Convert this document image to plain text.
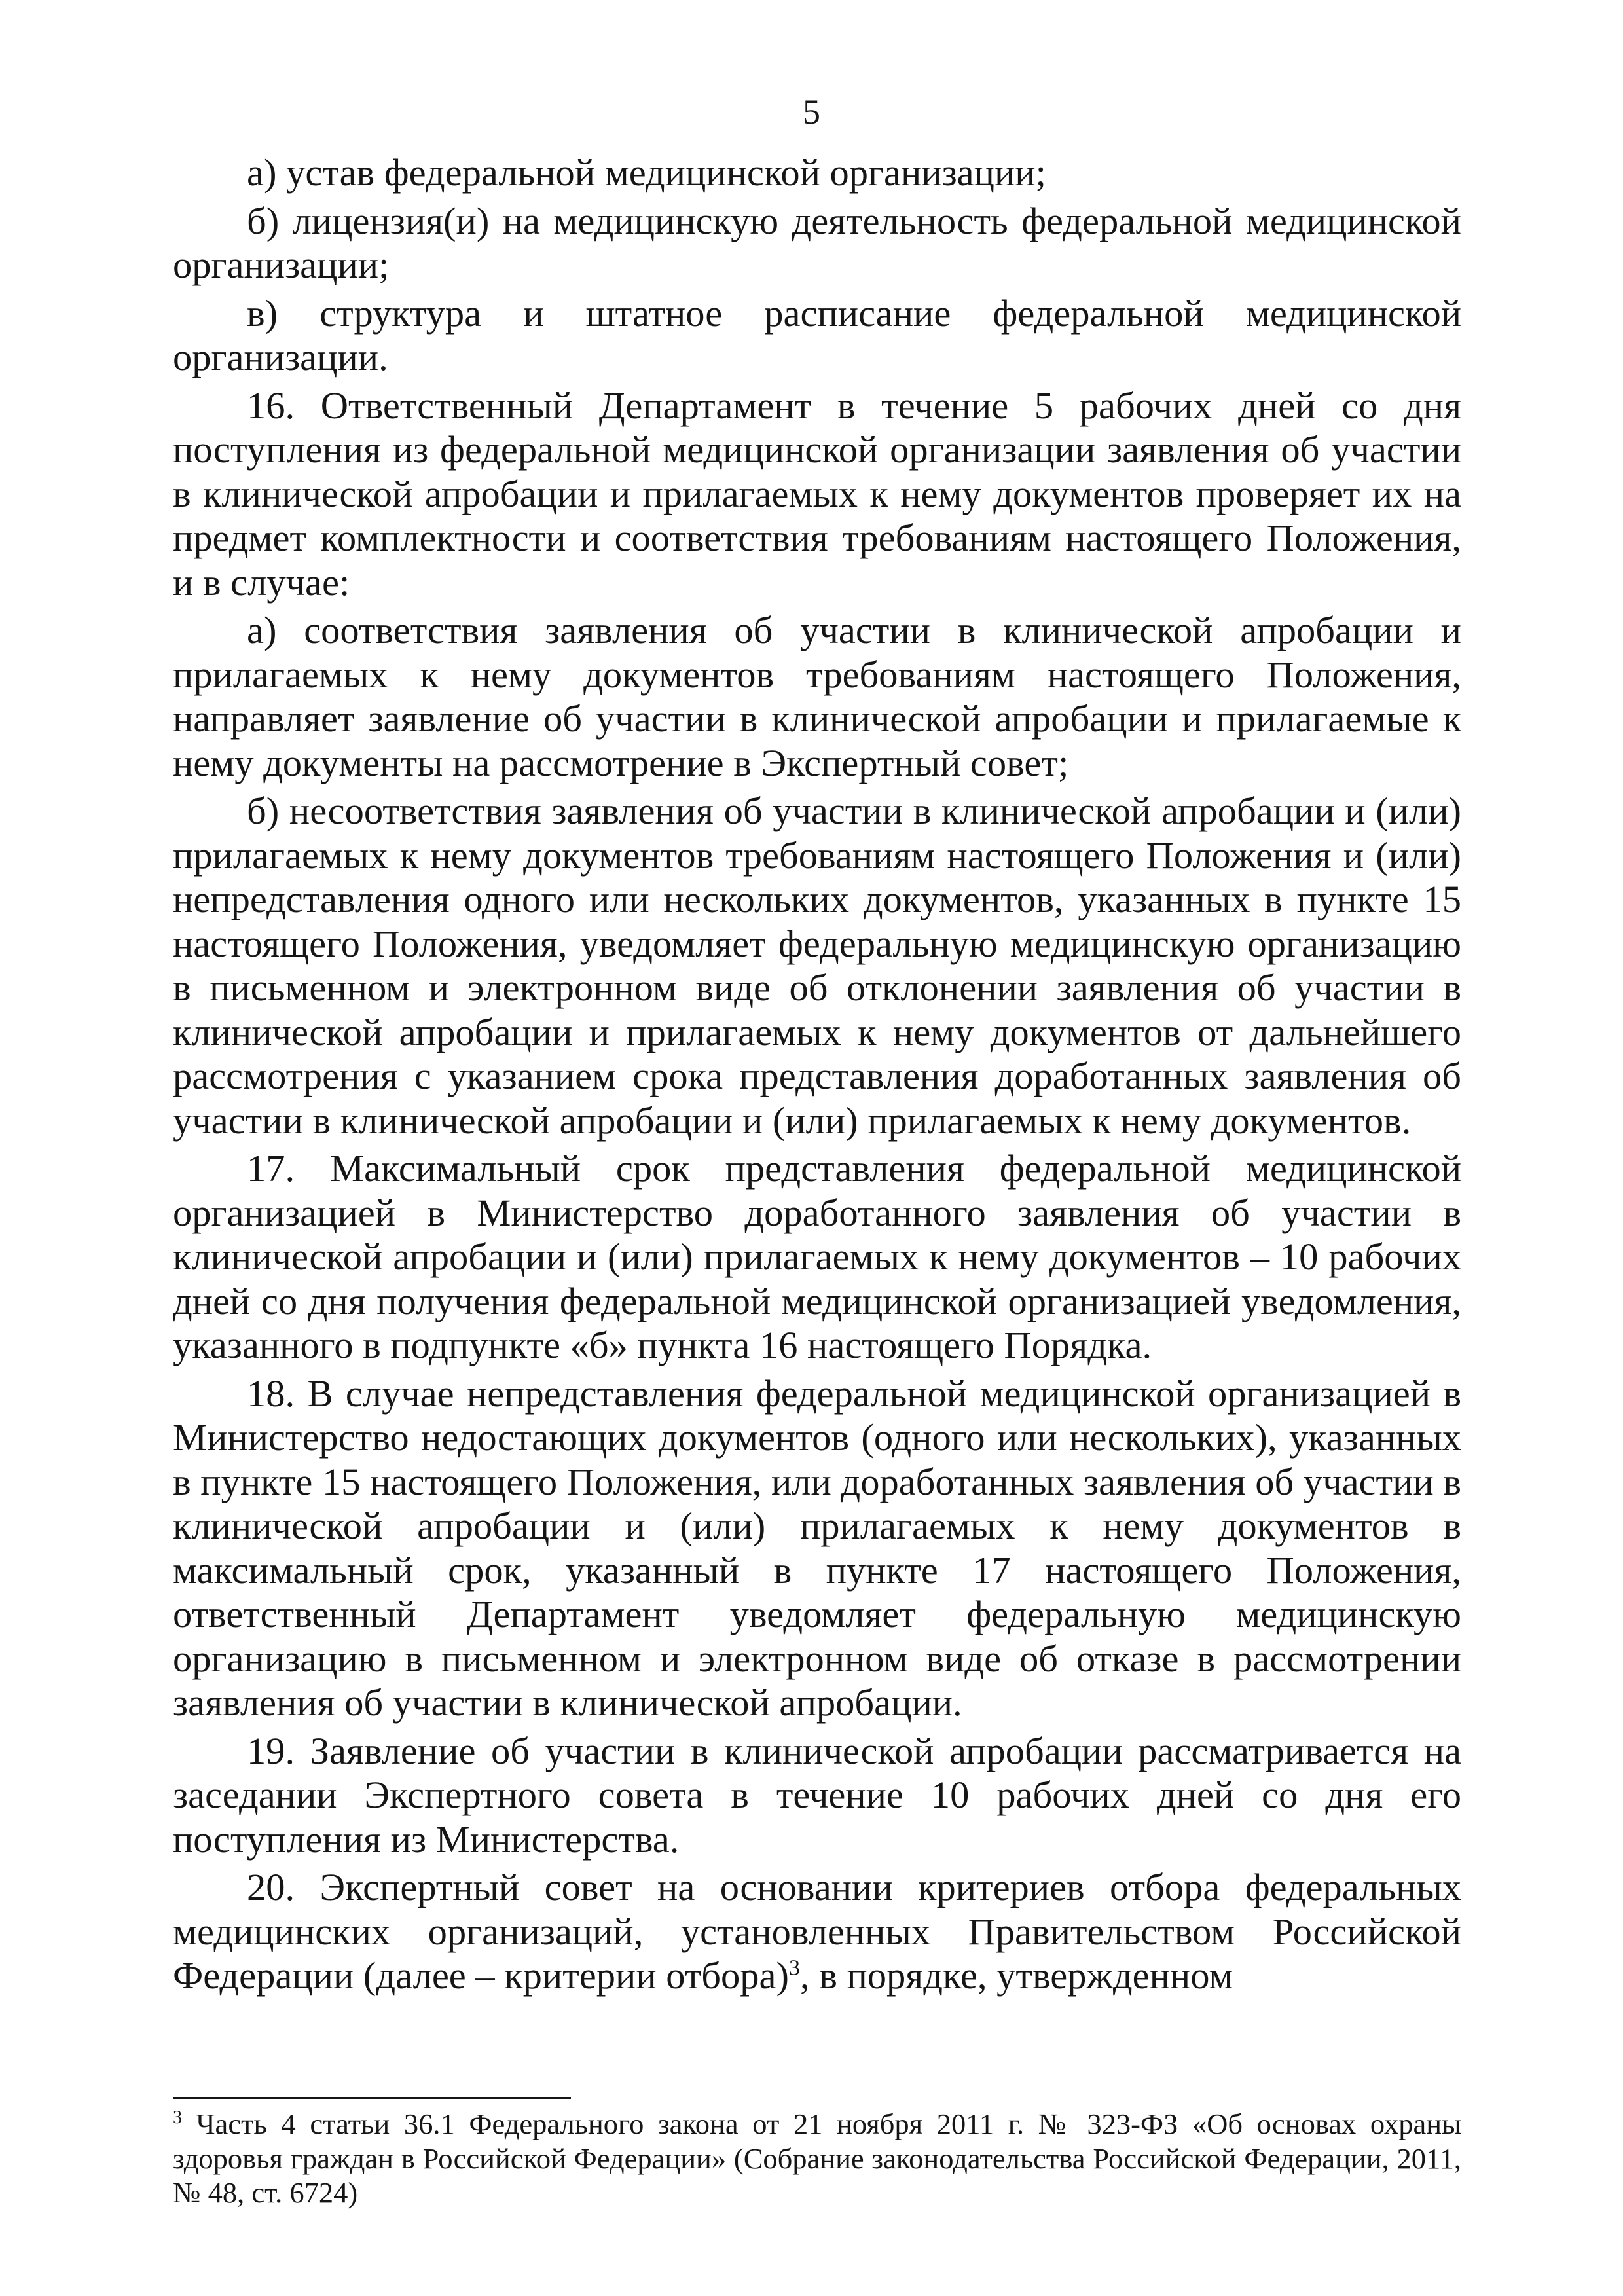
5

а) устав федеральной медицинской организации;

б) лицензия(и) на медицинскую деятельность федеральной медицинской организации;

в) структура и штатное расписание федеральной медицинской организации.

16. Ответственный Департамент в течение 5 рабочих дней со дня поступления из федеральной медицинской организации заявления об участии в клинической апробации и прилагаемых к нему документов проверяет их на предмет комплектности и соответствия требованиям настоящего Положения, и в случае:

а) соответствия заявления об участии в клинической апробации и прилагаемых к нему документов требованиям настоящего Положения, направляет заявление об участии в клинической апробации и прилагаемые к нему документы на рассмотрение в Экспертный совет;

б) несоответствия заявления об участии в клинической апробации и (или) прилагаемых к нему документов требованиям настоящего Положения и (или) непредставления одного или нескольких документов, указанных в пункте 15 настоящего Положения, уведомляет федеральную медицинскую организацию в письменном и электронном виде об отклонении заявления об участии в клинической апробации и прилагаемых к нему документов от дальнейшего рассмотрения с указанием срока представления доработанных заявления об участии в клинической апробации и (или) прилагаемых к нему документов.

17. Максимальный срок представления федеральной медицинской организацией в Министерство доработанного заявления об участии в клинической апробации и (или) прилагаемых к нему документов – 10 рабочих дней со дня получения федеральной медицинской организацией уведомления, указанного в подпункте «б» пункта 16 настоящего Порядка.

18. В случае непредставления федеральной медицинской организацией в Министерство недостающих документов (одного или нескольких), указанных в пункте 15 настоящего Положения, или доработанных заявления об участии в клинической апробации и (или) прилагаемых к нему документов в максимальный срок, указанный в пункте 17 настоящего Положения, ответственный Департамент уведомляет федеральную медицинскую организацию в письменном и электронном виде об отказе в рассмотрении заявления об участии в клинической апробации.

19. Заявление об участии в клинической апробации рассматривается на заседании Экспертного совета в течение 10 рабочих дней со дня его поступления из Министерства.

20. Экспертный совет на основании критериев отбора федеральных медицинских организаций, установленных Правительством Российской Федерации (далее – критерии отбора)$^3$, в порядке, утвержденном

$^3$ Часть 4 статьи 36.1 Федерального закона от 21 ноября 2011 г. № 323-ФЗ «Об основах охраны здоровья граждан в Российской Федерации» (Собрание законодательства Российской Федерации, 2011, № 48, ст. 6724)
